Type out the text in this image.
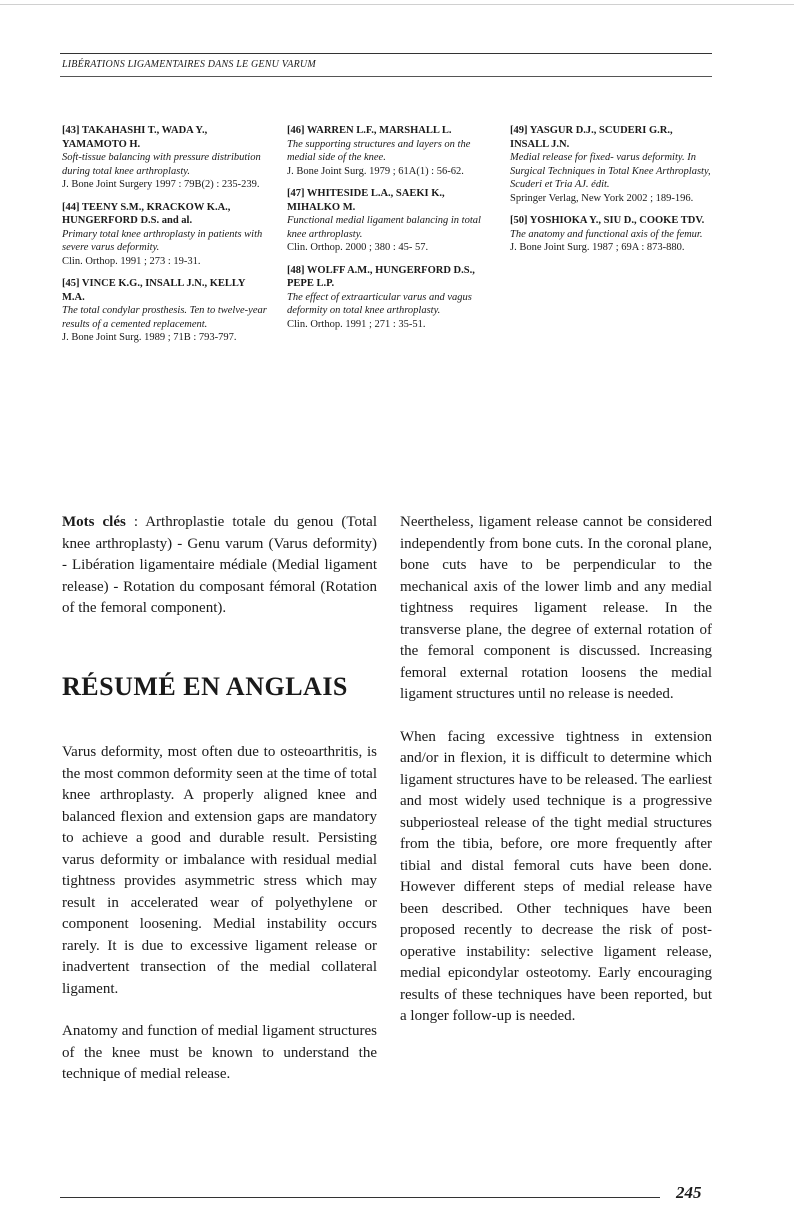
LIBÉRATIONS LIGAMENTAIRES DANS LE GENU VARUM
[43] TAKAHASHI T., WADA Y., YAMAMOTO H.
Soft-tissue balancing with pressure distribution during total knee arthroplasty.
J. Bone Joint Surgery 1997 : 79B(2) : 235-239.
[44] TEENY S.M., KRACKOW K.A., HUNGERFORD D.S. and al.
Primary total knee arthroplasty in patients with severe varus deformity.
Clin. Orthop. 1991 ; 273 : 19-31.
[45] VINCE K.G., INSALL J.N., KELLY M.A.
The total condylar prosthesis. Ten to twelve-year results of a cemented replacement.
J. Bone Joint Surg. 1989 ; 71B : 793-797.
[46] WARREN L.F., MARSHALL L.
The supporting structures and layers on the medial side of the knee.
J. Bone Joint Surg. 1979 ; 61A(1) : 56-62.
[47] WHITESIDE L.A., SAEKI K., MIHALKO M.
Functional medial ligament balancing in total knee arthroplasty.
Clin. Orthop. 2000 ; 380 : 45- 57.
[48] WOLFF A.M., HUNGERFORD D.S., PEPE L.P.
The effect of extraarticular varus and vagus deformity on total knee arthroplasty.
Clin. Orthop. 1991 ; 271 : 35-51.
[49] YASGUR D.J., SCUDERI G.R., INSALL J.N.
Medial release for fixed- varus deformity. In Surgical Techniques in Total Knee Arthroplasty, Scuderi et Tria AJ. édit.
Springer Verlag, New York 2002 ; 189-196.
[50] YOSHIOKA Y., SIU D., COOKE TDV.
The anatomy and functional axis of the femur.
J. Bone Joint Surg. 1987 ; 69A : 873-880.

Mots clés : Arthroplastie totale du genou (Total knee arthroplasty) - Genu varum (Varus deformity) - Libération ligamentaire médiale (Medial ligament release) - Rotation du composant fémoral (Rotation of the femoral component).

RÉSUMÉ EN ANGLAIS

Varus deformity, most often due to osteoarthritis, is the most common deformity seen at the time of total knee arthroplasty. A properly aligned knee and balanced flexion and extension gaps are mandatory to achieve a good and durable result. Persisting varus deformity or imbalance with residual medial tightness provides asymmetric stress which may result in accelerated wear of polyethylene or component loosening. Medial instability occurs rarely. It is due to excessive ligament release or inadvertent transection of the medial collateral ligament.

Anatomy and function of medial ligament structures of the knee must be known to understand the technique of medial release.

Neertheless, ligament release cannot be considered independently from bone cuts. In the coronal plane, bone cuts have to be perpendicular to the mechanical axis of the lower limb and any medial tightness requires ligament release. In the transverse plane, the degree of external rotation of the femoral component is discussed. Increasing femoral external rotation loosens the medial ligament structures until no release is needed.

When facing excessive tightness in extension and/or in flexion, it is difficult to determine which ligament structures have to be released. The earliest and most widely used technique is a progressive subperiosteal release of the tight medial structures from the tibia, before, ore more frequently after tibial and distal femoral cuts have been done. However different steps of medial release have been described. Other techniques have been proposed recently to decrease the risk of post-operative instability: selective ligament release, medial epicondylar osteotomy. Early encouraging results of these techniques have been reported, but a longer follow-up is needed.

245
